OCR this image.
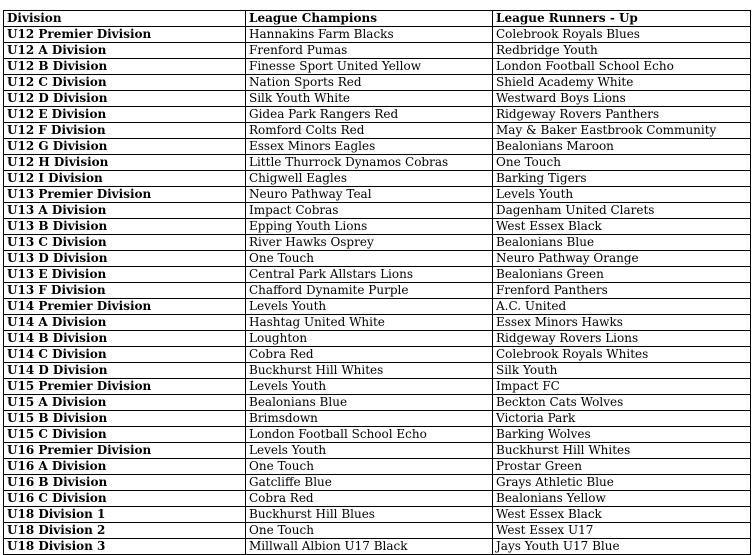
Division	League Champions	League Runners - Up
U12 Premier Division	Hannakins Farm Blacks	Colebrook Royals Blues
U12 A Division	Frenford Pumas	Redbridge Youth
U12 B Division	Finesse Sport United Yellow	London Football School Echo
U12 C Division	Nation Sports Red	Shield Academy White
U12 D Division	Silk Youth White	Westward Boys Lions
U12 E Division	Gidea Park Rangers Red	Ridgeway Rovers Panthers
U12 F Division	Romford Colts Red	May & Baker Eastbrook Community
U12 G Division	Essex Minors Eagles	Bealonians Maroon
U12 H Division	Little Thurrock Dynamos Cobras	One Touch
U12 I Division	Chigwell Eagles	Barking Tigers
U13 Premier Division	Neuro Pathway Teal	Levels Youth
U13 A Division	Impact Cobras	Dagenham United Clarets
U13 B Division	Epping Youth Lions	West Essex Black
U13 C Division	River Hawks Osprey	Bealonians Blue
U13 D Division	One Touch	Neuro Pathway Orange
U13 E Division	Central Park Allstars Lions	Bealonians Green
U13 F Division	Chafford Dynamite Purple	Frenford Panthers
U14 Premier Division	Levels Youth	A.C. United
U14 A Division	Hashtag United White	Essex Minors Hawks
U14 B Division	Loughton	Ridgeway Rovers Lions
U14 C Division	Cobra Red	Colebrook Royals Whites
U14 D Division	Buckhurst Hill Whites	Silk Youth
U15 Premier Division	Levels Youth	Impact FC
U15 A Division	Bealonians Blue	Beckton Cats Wolves
U15 B Division	Brimsdown	Victoria Park
U15 C Division	London Football School Echo	Barking Wolves
U16 Premier Division	Levels Youth	Buckhurst Hill Whites
U16 A Division	One Touch	Prostar Green
U16 B Division	Gatcliffe Blue	Grays Athletic Blue
U16 C Division	Cobra Red	Bealonians Yellow
U18 Division 1	Buckhurst Hill Blues	West Essex Black
U18 Division 2	One Touch	West Essex U17
U18 Division 3	Millwall Albion U17 Black	Jays Youth U17 Blue
